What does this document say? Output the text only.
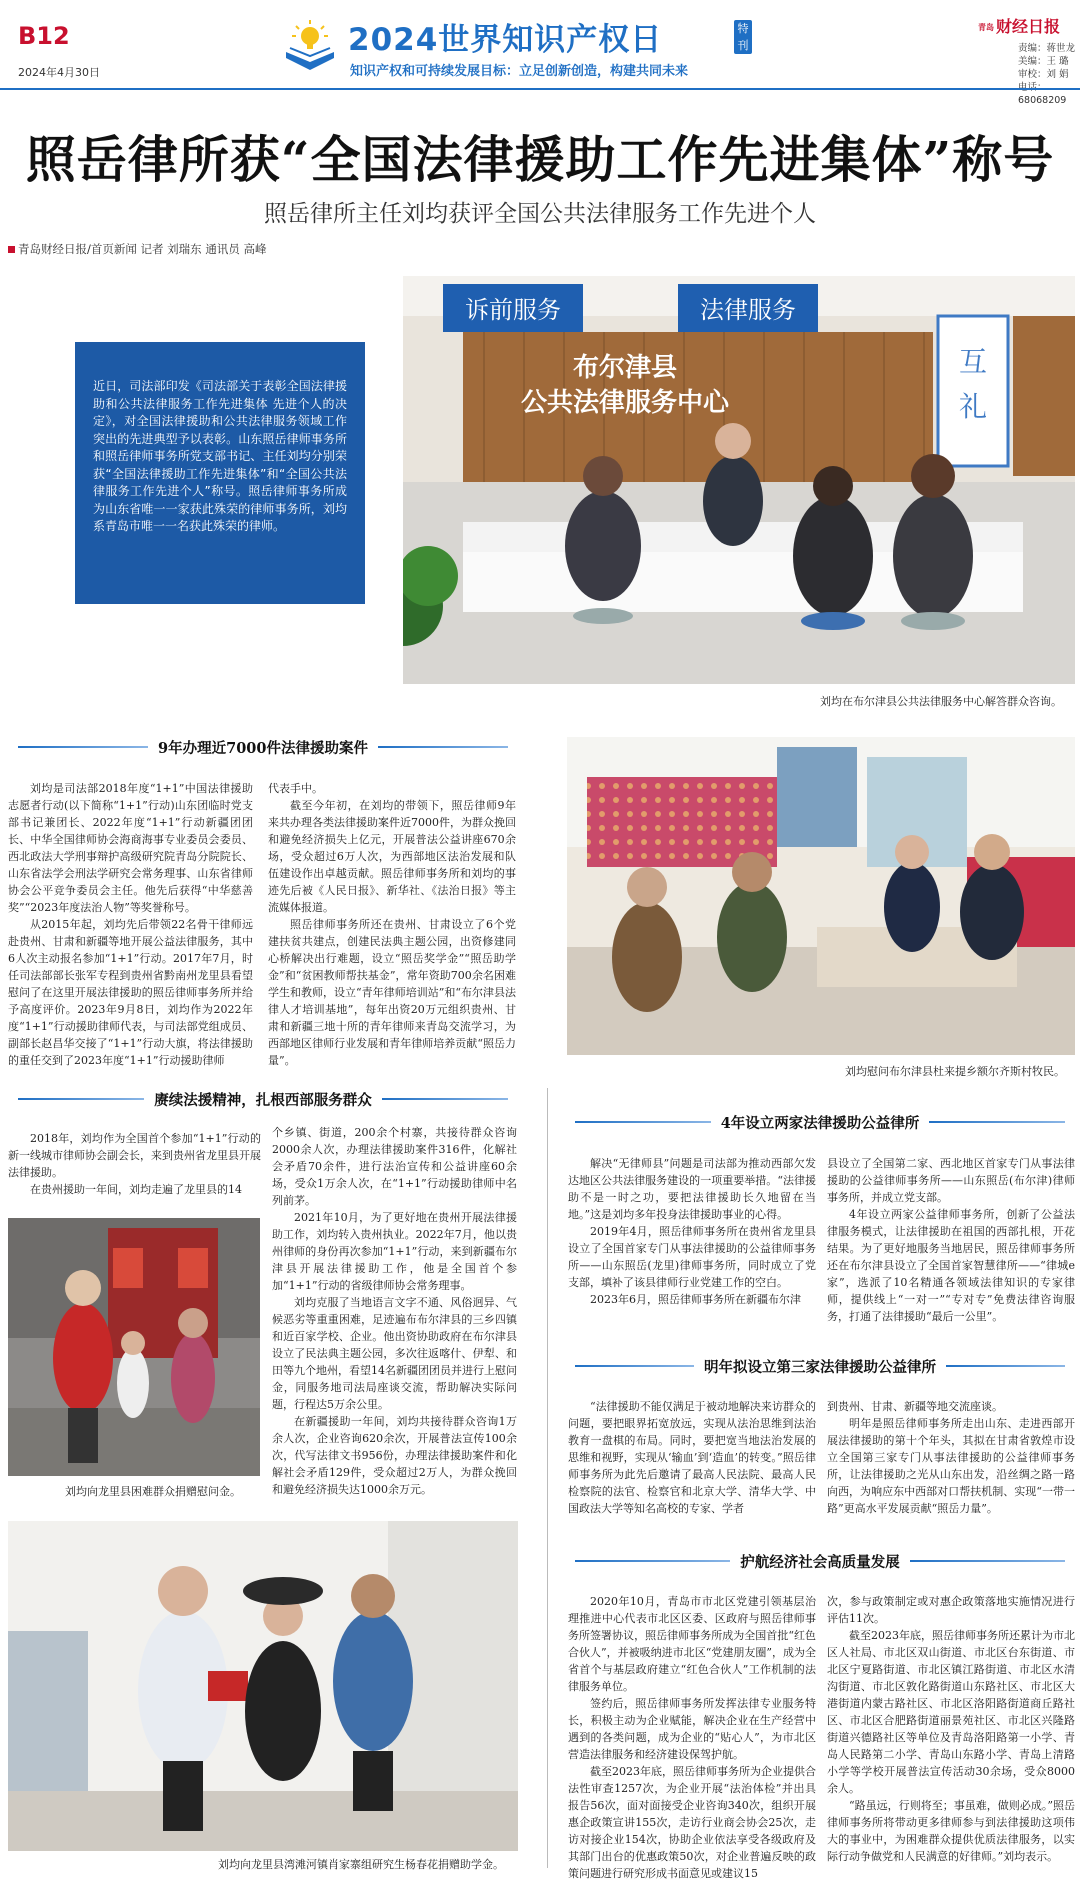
B12
2024年4月30日
2024世界知识产权日	特刊
知识产权和可持续发展目标：立足创新创造，构建共同未来
青岛 财经日报
责编：蒋世龙
美编：王 璐
审校：刘 娟
68068209
照岳律所获“全国法律援助工作先进集体”称号
照岳律所主任刘均获评全国公共法律服务工作先进个人
青岛财经日报/首页新闻 记者 刘瑞东 通讯员 高峰
诉前服务	法律服务
布尔津县
公共法律服务中心
互
礼
刘均在布尔津县公共法律服务中心解答群众咨询。
近日，司法部印发《司法部关于表彰全国法律援助和公共法律服务工作先进集体 先进个人的决定》，对全国法律援助和公共法律服务领域工作突出的先进典型予以表彰。山东照岳律师事务所和照岳律师事务所党支部书记、主任刘均分别荣获“全国法律援助工作先进集体”和“全国公共法律服务工作先进个人”称号。照岳律师事务所成为山东省唯一一家获此殊荣的律师事务所，刘均系青岛市唯一一名获此殊荣的律师。
9年办理近7000件法律援助案件

刘均是司法部2018年度“1+1”中国法律援助志愿者行动(以下简称“1+1”行动)山东团临时党支部书记兼团长、2022年度“1+1”行动新疆团团长、中华全国律师协会海商海事专业委员会委员、西北政法大学刑事辩护高级研究院青岛分院院长、山东省法学会刑法学研究会常务理事、山东省律师协会公平竞争委员会主任。他先后获得“中华慈善奖”“2023年度法治人物”等奖誉称号。

从2015年起，刘均先后带领22名骨干律师远赴贵州、甘肃和新疆等地开展公益法律服务，其中6人次主动报名参加“1+1”行动。2017年7月，时任司法部部长张军专程到贵州省黔南州龙里县看望慰问了在这里开展法律援助的照岳律师事务所并给予高度评价。2023年9月8日，刘均作为2022年度“1+1”行动援助律师代表，与司法部党组成员、副部长赵昌华交接了“1+1”行动大旗，将法律援助的重任交到了2023年度“1+1”行动援助律师

代表手中。

截至今年初，在刘均的带领下，照岳律师9年来共办理各类法律援助案件近7000件，为群众挽回和避免经济损失上亿元，开展普法公益讲座670余场，受众超过6万人次，为西部地区法治发展和队伍建设作出卓越贡献。照岳律师事务所和刘均的事迹先后被《人民日报》、新华社、《法治日报》等主流媒体报道。

照岳律师事务所还在贵州、甘肃设立了6个党建扶贫共建点，创建民法典主题公园，出资修建同心桥解决出行难题，设立“照岳奖学金”“照岳助学金”和“贫困教师帮扶基金”，常年资助700余名困难学生和教师，设立“青年律师培训站”和“布尔津县法律人才培训基地”，每年出资20万元组织贵州、甘肃和新疆三地十所的青年律师来青岛交流学习，为西部地区律师行业发展和青年律师培养贡献“照岳力量”。

刘均慰问布尔津县杜来提乡额尔齐斯村牧民。
赓续法援精神，扎根西部服务群众

2018年，刘均作为全国首个参加“1+1”行动的新一线城市律师协会副会长，来到贵州省龙里县开展法律援助。

在贵州援助一年间，刘均走遍了龙里县的14

刘均向龙里县困难群众捐赠慰问金。

个乡镇、街道，200余个村寨，共接待群众咨询2000余人次，办理法律援助案件316件，化解社会矛盾70余件，进行法治宣传和公益讲座60余场，受众1万余人次，在“1+1”行动援助律师中名列前茅。

2021年10月，为了更好地在贵州开展法律援助工作，刘均转入贵州执业。2022年7月，他以贵州律师的身份再次参加“1+1”行动，来到新疆布尔津县开展法律援助工作，他是全国首个参加“1+1”行动的省级律师协会常务理事。

刘均克服了当地语言文字不通、风俗迥异、气候恶劣等重重困难，足迹遍布布尔津县的三乡四镇和近百家学校、企业。他出资协助政府在布尔津县设立了民法典主题公园，多次往返喀什、伊犁、和田等九个地州，看望14名新疆团团员并进行上慰问金，同服务地司法局座谈交流，帮助解决实际问题，行程达5万余公里。

在新疆援助一年间，刘均共接待群众咨询1万余人次，企业咨询620余次，开展普法宣传100余次，代写法律文书956份，办理法律援助案件和化解社会矛盾129件，受众超过2万人，为群众挽回和避免经济损失达1000余万元。

刘均向龙里县湾滩河镇肖家寨组研究生杨春花捐赠助学金。
4年设立两家法律援助公益律所

解决“无律师县”问题是司法部为推动西部欠发达地区公共法律服务建设的一项重要举措。“法律援助不是一时之功，要把法律援助长久地留在当地。”这是刘均多年投身法律援助事业的心得。

2019年4月，照岳律师事务所在贵州省龙里县设立了全国首家专门从事法律援助的公益律师事务所——山东照岳(龙里)律师事务所，同时成立了党支部，填补了该县律师行业党建工作的空白。

2023年6月，照岳律师事务所在新疆布尔津

县设立了全国第二家、西北地区首家专门从事法律援助的公益律师事务所——山东照岳(布尔津)律师事务所，并成立党支部。

4年设立两家公益律师事务所，创新了公益法律服务模式，让法律援助在祖国的西部扎根，开花结果。为了更好地服务当地居民，照岳律师事务所还在布尔津县设立了全国首家智慧律所——“律城e家”，选派了10名精通各领域法律知识的专家律师，提供线上“一对一”“专对专”免费法律咨询服务，打通了法律援助“最后一公里”。

明年拟设立第三家法律援助公益律所

“法律援助不能仅满足于被动地解决来访群众的问题，要把眼界拓宽放远，实现从法治思维到法治教育一盘棋的布局。同时，要把宽当地法治发展的思维和视野，实现从‘输血’到‘造血’的转变。”照岳律师事务所为此先后邀请了最高人民法院、最高人民检察院的法官、检察官和北京大学、清华大学、中国政法大学等知名高校的专家、学者

到贵州、甘肃、新疆等地交流座谈。

明年是照岳律师事务所走出山东、走进西部开展法律援助的第十个年头，其拟在甘肃省敦煌市设立全国第三家专门从事法律援助的公益律师事务所，让法律援助之光从山东出发，沿丝绸之路一路向西，为响应东中西部对口帮扶机制、实现“一带一路”更高水平发展贡献“照岳力量”。

护航经济社会高质量发展

2020年10月，青岛市市北区党建引领基层治理推进中心代表市北区区委、区政府与照岳律师事务所签署协议，照岳律师事务所成为全国首批“红色合伙人”，并被吸纳进市北区“党建朋友圈”，成为全省首个与基层政府建立“红色合伙人”工作机制的法律服务单位。

签约后，照岳律师事务所发挥法律专业服务特长，积极主动为企业赋能，解决企业在生产经营中遇到的各类问题，成为企业的“贴心人”，为市北区营造法律服务和经济建设保驾护航。

截至2023年底，照岳律师事务所为企业提供合法性审查1257次，为企业开展“法治体检”并出具报告56次，面对面接受企业咨询340次，组织开展惠企政策宣讲155次，走访行业商会协会25次，走访对接企业154次，协助企业依法享受各级政府及其部门出台的优惠政策50次，对企业普遍反映的政策问题进行研究形成书面意见或建议15

次，参与政策制定或对惠企政策落地实施情况进行评估11次。

截至2023年底，照岳律师事务所还累计为市北区人社局、市北区双山街道、市北区台东街道、市北区宁夏路街道、市北区镇江路街道、市北区水清沟街道、市北区敦化路街道山东路社区、市北区大港街道内蒙古路社区、市北区洛阳路街道商丘路社区、市北区合肥路街道丽景苑社区、市北区兴隆路街道兴德路社区等单位及青岛洛阳路第一小学、青岛人民路第二小学、青岛山东路小学、青岛上清路小学等学校开展普法宣传活动30余场，受众8000余人。

“路虽远，行则将至；事虽难，做则必成。”照岳律师事务所将带动更多律师参与到法律援助这项伟大的事业中，为困难群众提供优质法律服务，以实际行动争做党和人民满意的好律师。”刘均表示。
